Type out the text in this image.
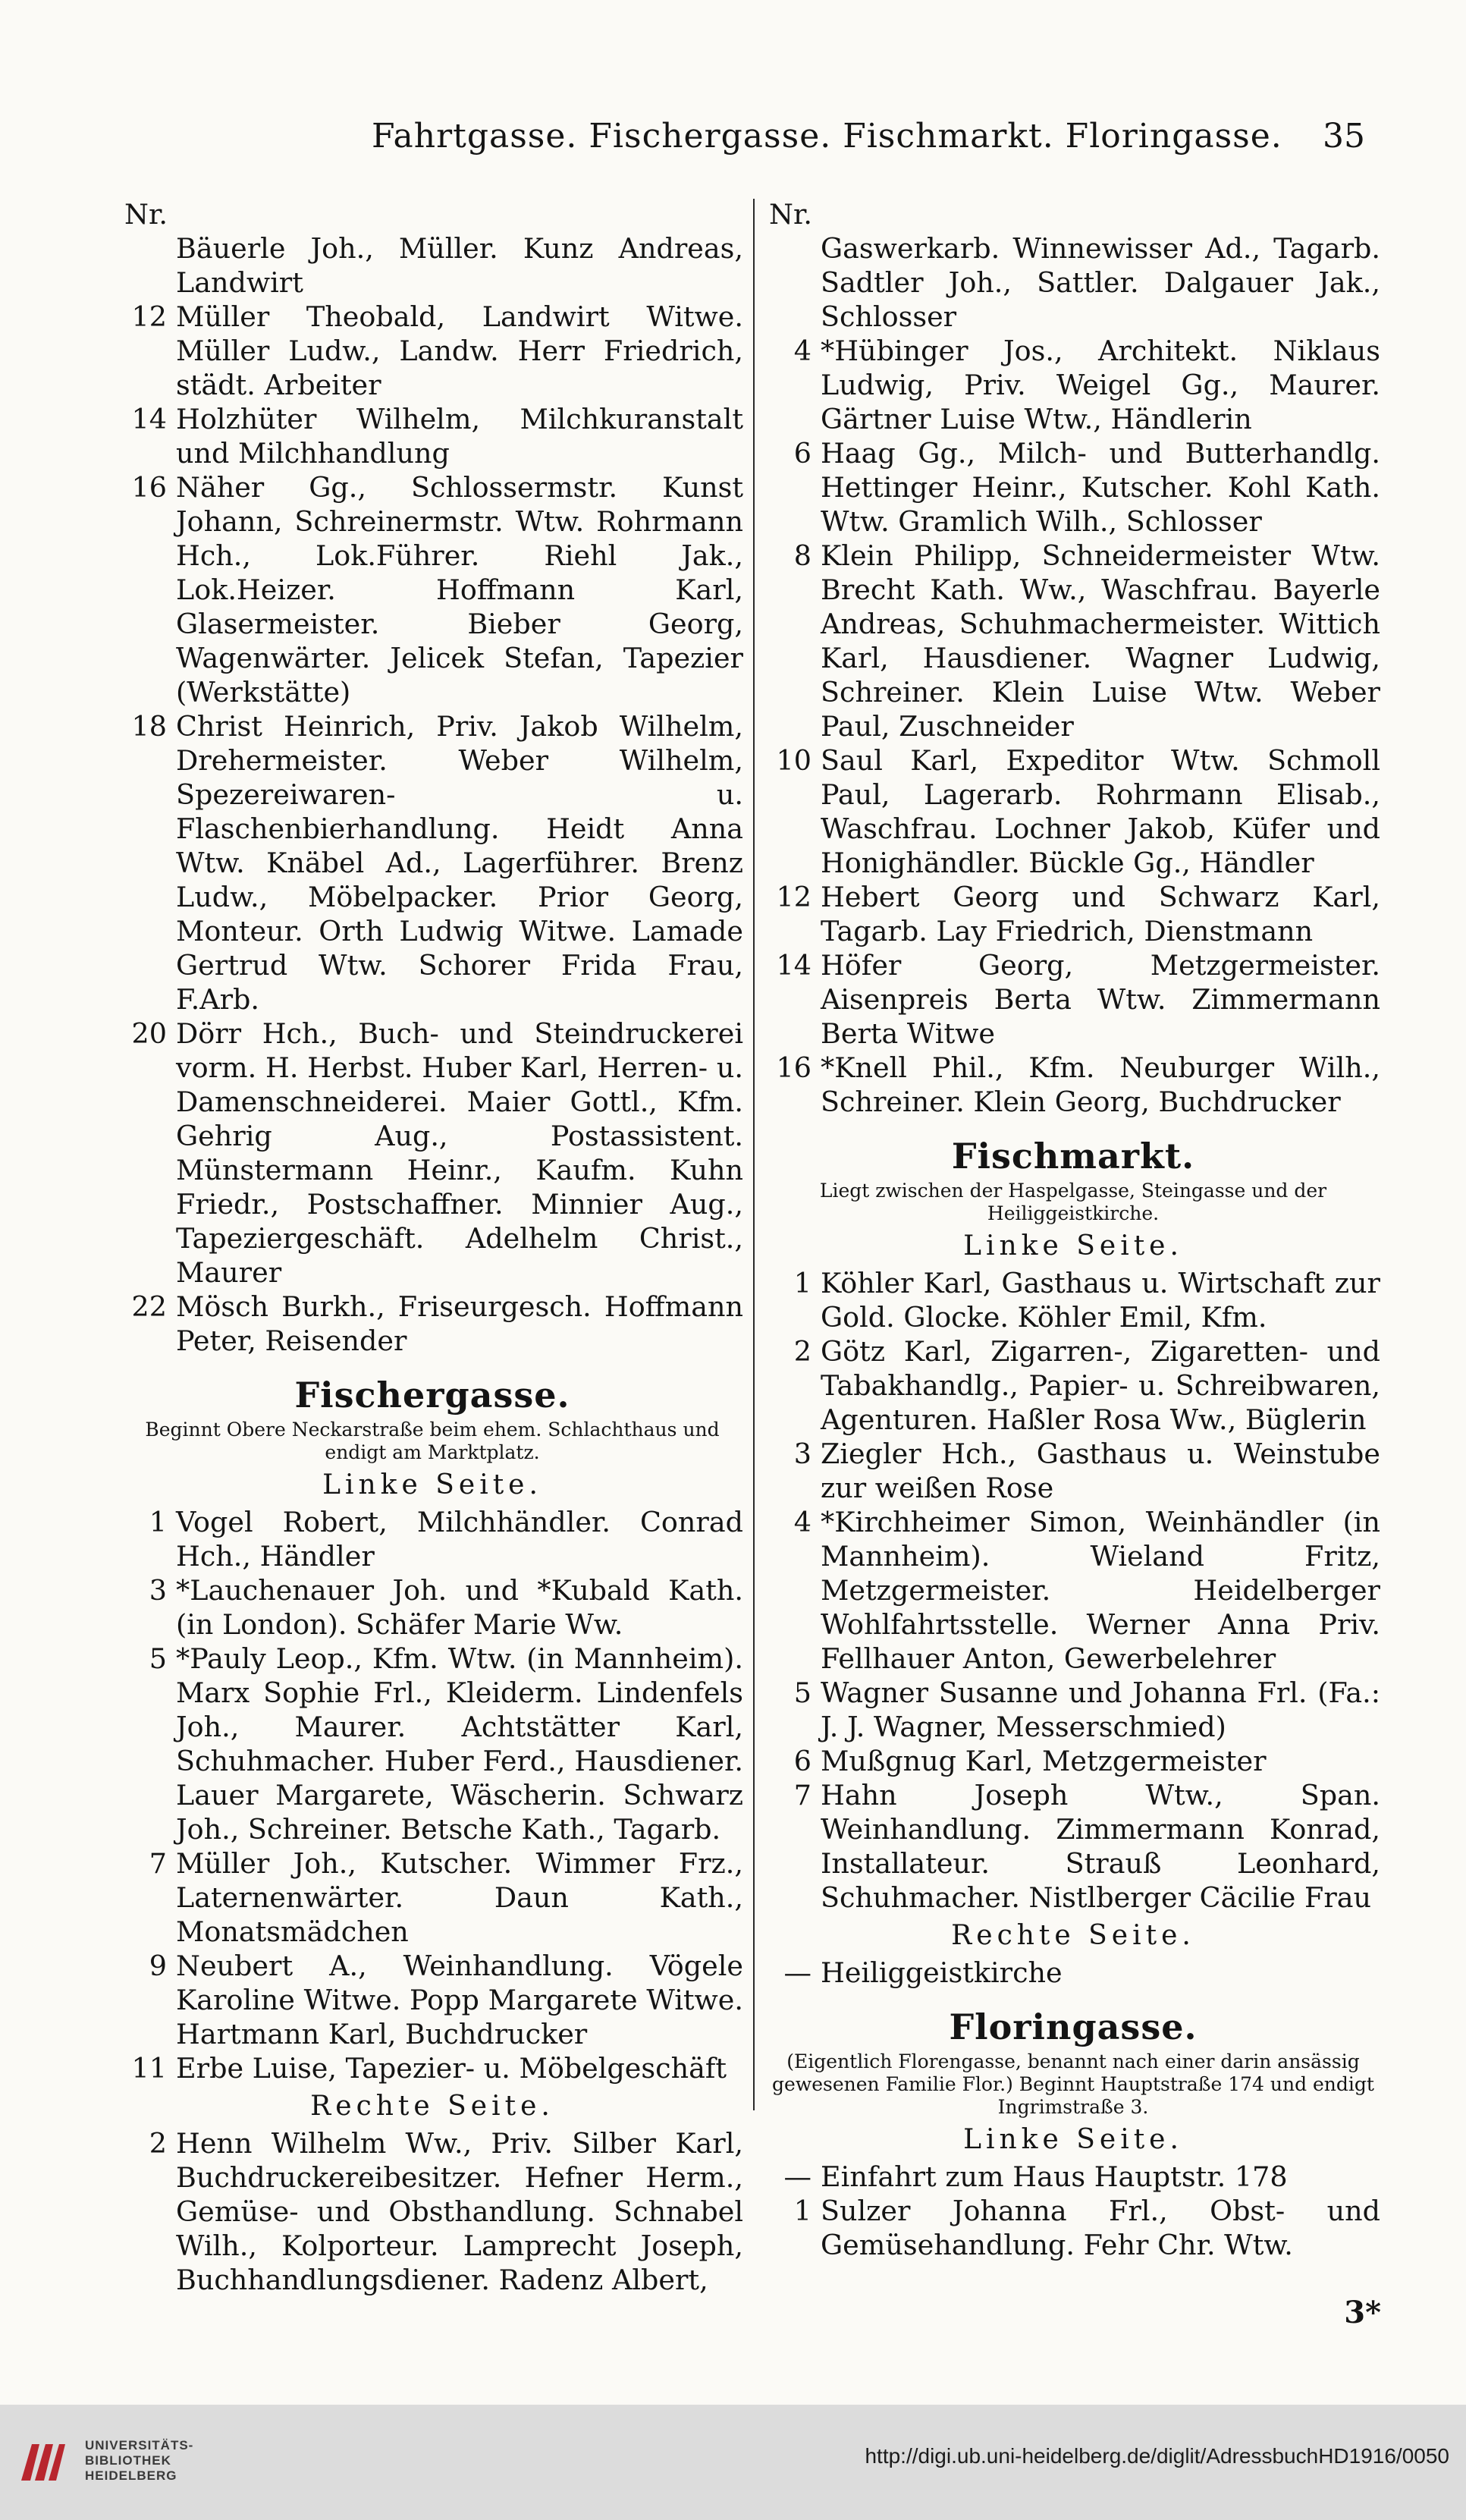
Fahrtgasse. Fischergasse. Fischmarkt. Floringasse. 35
Nr.
Bäuerle Joh., Müller. Kunz Andreas, Landwirt
12 Müller Theobald, Landwirt Witwe. Müller Ludw., Landw. Herr Friedrich, städt. Arbeiter
14 Holzhüter Wilhelm, Milchkuranstalt und Milchhandlung
16 Näher Gg., Schlossermstr. Kunst Johann, Schreinermstr. Wtw. Rohrmann Hch., Lok.Führer. Riehl Jak., Lok.Heizer. Hoffmann Karl, Glasermeister. Bieber Georg, Wagenwärter. Jelicek Stefan, Tapezier (Werkstätte)
18 Christ Heinrich, Priv. Jakob Wilhelm, Drehermeister. Weber Wilhelm, Spezereiwaren- u. Flaschenbierhandlung. Heidt Anna Wtw. Knäbel Ad., Lagerführer. Brenz Ludw., Möbelpacker. Prior Georg, Monteur. Orth Ludwig Witwe. Lamade Gertrud Wtw. Schorer Frida Frau, F.Arb.
20 Dörr Hch., Buch- und Steindruckerei vorm. H. Herbst. Huber Karl, Herren- u. Damenschneiderei. Maier Gottl., Kfm. Gehrig Aug., Postassistent. Münstermann Heinr., Kaufm. Kuhn Friedr., Postschaffner. Minnier Aug., Tapeziergeschäft. Adelhelm Christ., Maurer
22 Mösch Burkh., Friseurgesch. Hoffmann Peter, Reisender
Fischergasse.
Beginnt Obere Neckarstraße beim ehem. Schlachthaus und endigt am Marktplatz.
Linke Seite.
1 Vogel Robert, Milchhändler. Conrad Hch., Händler
3 *Lauchenauer Joh. und *Kubald Kath. (in London). Schäfer Marie Ww.
5 *Pauly Leop., Kfm. Wtw. (in Mannheim). Marx Sophie Frl., Kleiderm. Lindenfels Joh., Maurer. Achtstätter Karl, Schuhmacher. Huber Ferd., Hausdiener. Lauer Margarete, Wäscherin. Schwarz Joh., Schreiner. Betsche Kath., Tagarb.
7 Müller Joh., Kutscher. Wimmer Frz., Laternenwärter. Daun Kath., Monatsmädchen
9 Neubert A., Weinhandlung. Vögele Karoline Witwe. Popp Margarete Witwe. Hartmann Karl, Buchdrucker
11 Erbe Luise, Tapezier- u. Möbelgeschäft
Rechte Seite.
2 Henn Wilhelm Ww., Priv. Silber Karl, Buchdruckereibesitzer. Hefner Herm., Gemüse- und Obsthandlung. Schnabel Wilh., Kolporteur. Lamprecht Joseph, Buchhandlungsdiener. Radenz Albert,
Nr.
Gaswerkarb. Winnewisser Ad., Tagarb. Sadtler Joh., Sattler. Dalgauer Jak., Schlosser
4 *Hübinger Jos., Architekt. Niklaus Ludwig, Priv. Weigel Gg., Maurer. Gärtner Luise Wtw., Händlerin
6 Haag Gg., Milch- und Butterhandlg. Hettinger Heinr., Kutscher. Kohl Kath. Wtw. Gramlich Wilh., Schlosser
8 Klein Philipp, Schneidermeister Wtw. Brecht Kath. Ww., Waschfrau. Bayerle Andreas, Schuhmachermeister. Wittich Karl, Hausdiener. Wagner Ludwig, Schreiner. Klein Luise Wtw. Weber Paul, Zuschneider
10 Saul Karl, Expeditor Wtw. Schmoll Paul, Lagerarb. Rohrmann Elisab., Waschfrau. Lochner Jakob, Küfer und Honighändler. Bückle Gg., Händler
12 Hebert Georg und Schwarz Karl, Tagarb. Lay Friedrich, Dienstmann
14 Höfer Georg, Metzgermeister. Aisenpreis Berta Wtw. Zimmermann Berta Witwe
16 *Knell Phil., Kfm. Neuburger Wilh., Schreiner. Klein Georg, Buchdrucker
Fischmarkt.
Liegt zwischen der Haspelgasse, Steingasse und der Heiliggeistkirche.
Linke Seite.
1 Köhler Karl, Gasthaus u. Wirtschaft zur Gold. Glocke. Köhler Emil, Kfm.
2 Götz Karl, Zigarren-, Zigaretten- und Tabakhandlg., Papier- u. Schreibwaren, Agenturen. Haßler Rosa Ww., Büglerin
3 Ziegler Hch., Gasthaus u. Weinstube zur weißen Rose
4 *Kirchheimer Simon, Weinhändler (in Mannheim). Wieland Fritz, Metzgermeister. Heidelberger Wohlfahrtsstelle. Werner Anna Priv. Fellhauer Anton, Gewerbelehrer
5 Wagner Susanne und Johanna Frl. (Fa.: J. J. Wagner, Messerschmied)
6 Mußgnug Karl, Metzgermeister
7 Hahn Joseph Wtw., Span. Weinhandlung. Zimmermann Konrad, Installateur. Strauß Leonhard, Schuhmacher. Nistlberger Cäcilie Frau
Rechte Seite.
— Heiliggeistkirche
Floringasse.
(Eigentlich Florengasse, benannt nach einer darin ansässig gewesenen Familie Flor.) Beginnt Hauptstraße 174 und endigt Ingrimstraße 3.
Linke Seite.
— Einfahrt zum Haus Hauptstr. 178
1 Sulzer Johanna Frl., Obst- und Gemüsehandlung. Fehr Chr. Wtw.
3*
UNIVERSITÄTS-
BIBLIOTHEK
HEIDELBERG
http://digi.ub.uni-heidelberg.de/diglit/AdressbuchHD1916/0050
